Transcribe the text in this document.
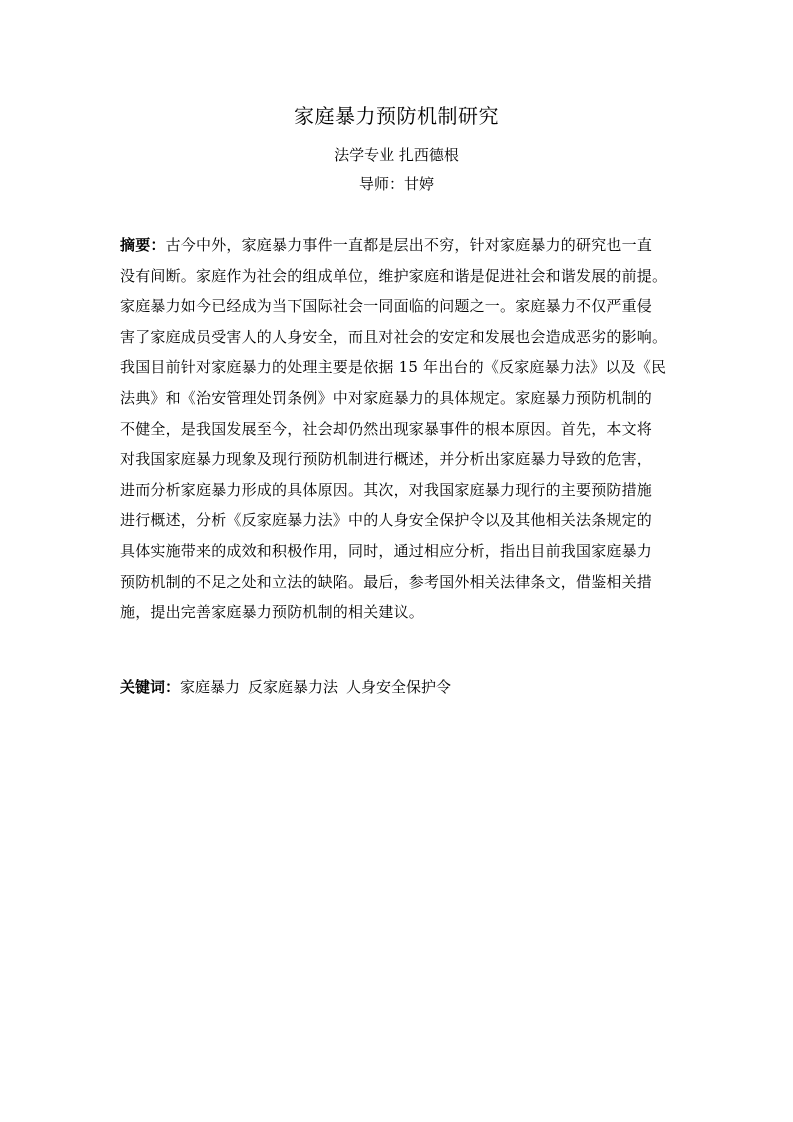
家庭暴力预防机制研究
法学专业 扎西德根
导师：甘婷
摘要：古今中外，家庭暴力事件一直都是层出不穷，针对家庭暴力的研究也一直
没有间断。家庭作为社会的组成单位，维护家庭和谐是促进社会和谐发展的前提。
家庭暴力如今已经成为当下国际社会一同面临的问题之一。家庭暴力不仅严重侵
害了家庭成员受害人的人身安全，而且对社会的安定和发展也会造成恶劣的影响。
我国目前针对家庭暴力的处理主要是依据 15 年出台的《反家庭暴力法》以及《民
法典》和《治安管理处罚条例》中对家庭暴力的具体规定。家庭暴力预防机制的
不健全，是我国发展至今，社会却仍然出现家暴事件的根本原因。首先，本文将
对我国家庭暴力现象及现行预防机制进行概述，并分析出家庭暴力导致的危害，
进而分析家庭暴力形成的具体原因。其次，对我国家庭暴力现行的主要预防措施
进行概述，分析《反家庭暴力法》中的人身安全保护令以及其他相关法条规定的
具体实施带来的成效和积极作用，同时，通过相应分析，指出目前我国家庭暴力
预防机制的不足之处和立法的缺陷。最后，参考国外相关法律条文，借鉴相关措
施，提出完善家庭暴力预防机制的相关建议。
关键词：家庭暴力 反家庭暴力法 人身安全保护令
